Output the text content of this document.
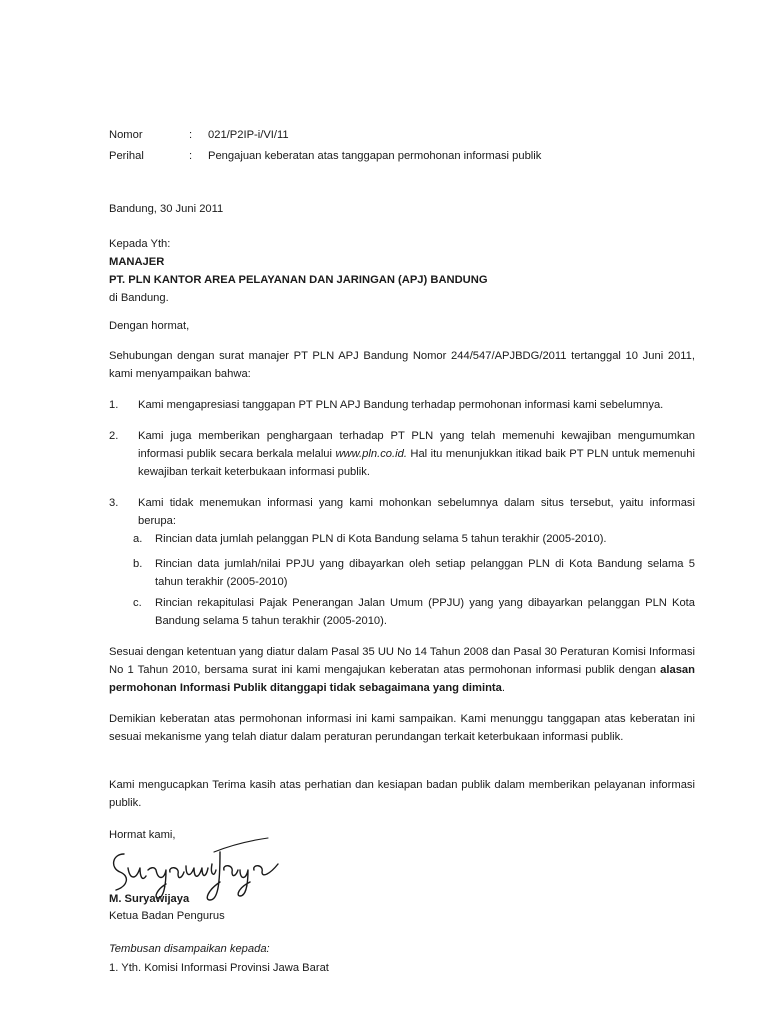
Nomor	: 021/P2IP-i/VI/11
Perihal	: Pengajuan keberatan atas tanggapan permohonan informasi publik
Bandung, 30 Juni 2011
Kepada Yth:
MANAJER
PT. PLN KANTOR AREA PELAYANAN DAN JARINGAN (APJ) BANDUNG
di Bandung.
Dengan hormat,
Sehubungan dengan surat manajer PT PLN APJ Bandung Nomor 244/547/APJBDG/2011 tertanggal 10 Juni 2011, kami menyampaikan bahwa:
1. Kami mengapresiasi tanggapan PT PLN APJ Bandung terhadap permohonan informasi kami sebelumnya.
2. Kami juga memberikan penghargaan terhadap PT PLN yang telah memenuhi kewajiban mengumumkan informasi publik secara berkala melalui www.pln.co.id. Hal itu menunjukkan itikad baik PT PLN untuk memenuhi kewajiban terkait keterbukaan informasi publik.
3. Kami tidak menemukan informasi yang kami mohonkan sebelumnya dalam situs tersebut, yaitu informasi berupa:
a. Rincian data jumlah pelanggan PLN di Kota Bandung selama 5 tahun terakhir (2005-2010).
b. Rincian data jumlah/nilai PPJU yang dibayarkan oleh setiap pelanggan PLN di Kota Bandung selama 5 tahun terakhir (2005-2010)
c. Rincian rekapitulasi Pajak Penerangan Jalan Umum (PPJU) yang yang dibayarkan pelanggan PLN Kota Bandung selama 5 tahun terakhir (2005-2010).
Sesuai dengan ketentuan yang diatur dalam Pasal 35 UU No 14 Tahun 2008 dan Pasal 30 Peraturan Komisi Informasi No 1 Tahun 2010, bersama surat ini kami mengajukan keberatan atas permohonan informasi publik dengan alasan permohonan Informasi Publik ditanggapi tidak sebagaimana yang diminta.
Demikian keberatan atas permohonan informasi ini kami sampaikan. Kami menunggu tanggapan atas keberatan ini sesuai mekanisme yang telah diatur dalam peraturan perundangan terkait keterbukaan informasi publik.
Kami mengucapkan Terima kasih atas perhatian dan kesiapan badan publik dalam memberikan pelayanan informasi publik.
Hormat kami,
M. Suryawijaya
Ketua Badan Pengurus
Tembusan disampaikan kepada:
1. Yth. Komisi Informasi Provinsi Jawa Barat
